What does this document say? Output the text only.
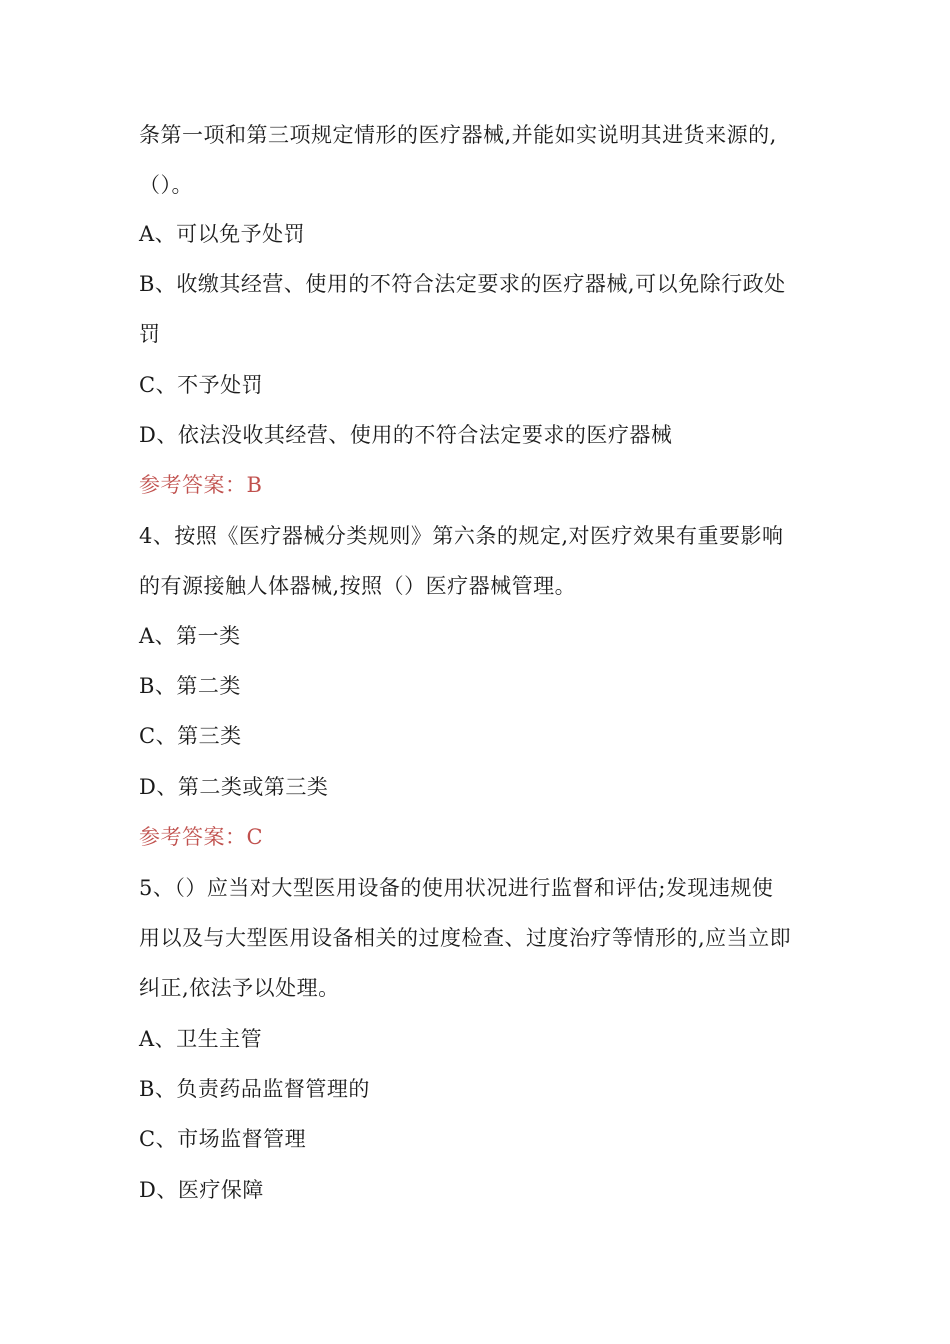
条第一项和第三项规定情形的医疗器械,并能如实说明其进货来源的,
（）。
A、可以免予处罚
B、收缴其经营、使用的不符合法定要求的医疗器械,可以免除行政处
罚
C、不予处罚
D、依法没收其经营、使用的不符合法定要求的医疗器械
参考答案：B
4、按照《医疗器械分类规则》第六条的规定,对医疗效果有重要影响
的有源接触人体器械,按照（）医疗器械管理。
A、第一类
B、第二类
C、第三类
D、第二类或第三类
参考答案：C
5、（）应当对大型医用设备的使用状况进行监督和评估;发现违规使
用以及与大型医用设备相关的过度检查、过度治疗等情形的,应当立即
纠正,依法予以处理。
A、卫生主管
B、负责药品监督管理的
C、市场监督管理
D、医疗保障
